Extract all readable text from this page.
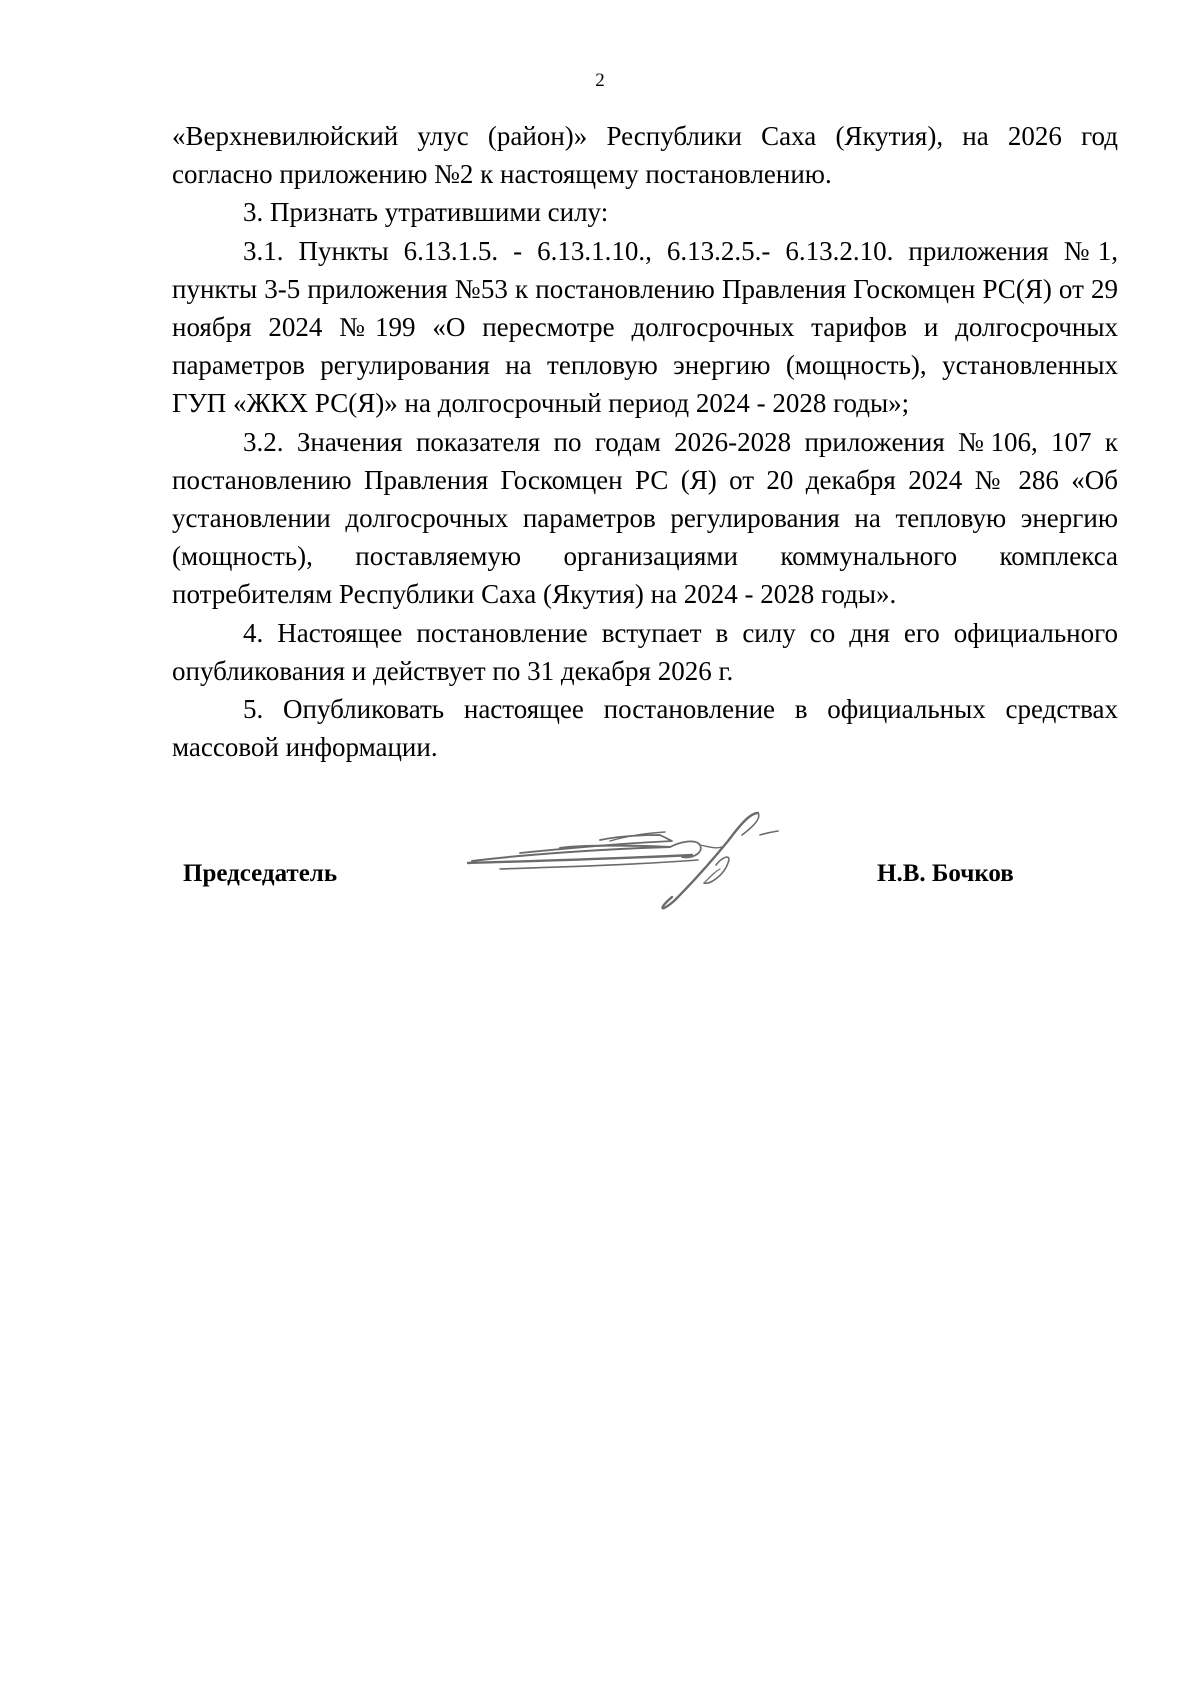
2

«Верхневилюйский улус (район)» Республики Саха (Якутия), на 2026 год согласно приложению №2 к настоящему постановлению.

3. Признать утратившими силу:

3.1. Пункты 6.13.1.5. - 6.13.1.10., 6.13.2.5.- 6.13.2.10. приложения №1, пункты 3-5 приложения №53 к постановлению Правления Госкомцен РС(Я) от 29 ноября 2024 №199 «О пересмотре долгосрочных тарифов и долгосрочных параметров регулирования на тепловую энергию (мощность), установленных ГУП «ЖКХ РС(Я)» на долгосрочный период 2024 - 2028 годы»;

3.2. Значения показателя по годам 2026-2028 приложения №106, 107 к постановлению Правления Госкомцен РС (Я) от 20 декабря 2024 № 286 «Об установлении долгосрочных параметров регулирования на тепловую энергию (мощность), поставляемую организациями коммунального комплекса потребителям Республики Саха (Якутия) на 2024 - 2028 годы».

4. Настоящее постановление вступает в силу со дня его официального опубликования и действует по 31 декабря 2026 г.

5. Опубликовать настоящее постановление в официальных средствах массовой информации.

Председатель	Н.В. Бочков
